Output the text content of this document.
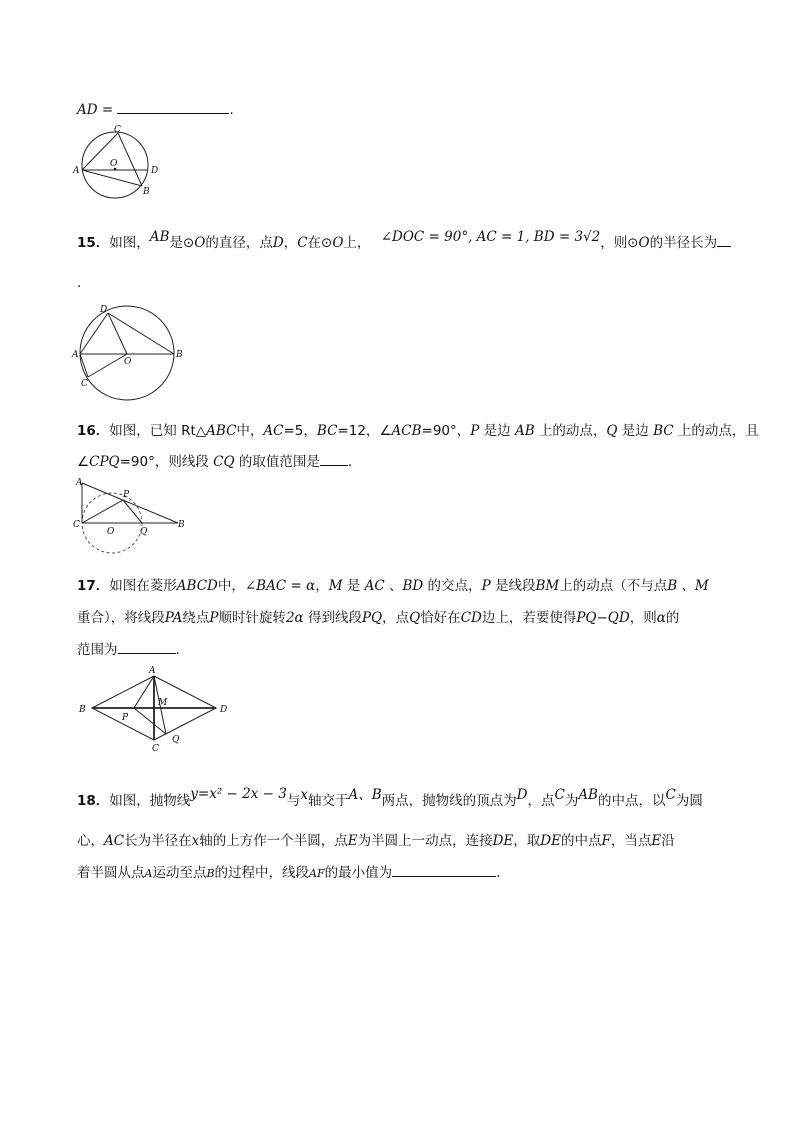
AD =	.
C
A
O
D
B
15．如图，AB是⊙O的直径，点D，C在⊙O上， ∠DOC = 90°, AC = 1, BD = 3√2，则⊙O的半径长为
.
D
A
O
B
C
16．如图，已知 Rt△ABC中，AC=5，BC=12，∠ACB=90°，P 是边 AB 上的动点，Q 是边 BC 上的动点，且
∠CPQ=90°，则线段 CQ 的取值范围是 .
A
P
C
O	Q
B
17．如图在菱形ABCD中，∠BAC = α，M 是 AC 、BD 的交点，P 是线段BM上的动点（不与点B 、M
重合），将线段PA绕点P顺时针旋转2α 得到线段PQ，点Q恰好在CD边上，若要使得PQ−QD，则α的
范围为	.
A
B
M
D
P
C
Q
18．如图，抛物线y=x² − 2x − 3与x轴交于A、B两点，抛物线的顶点为D，点C为AB的中点，以C为圆
心，AC长为半径在x轴的上方作一个半圆，点E为半圆上一动点，连接DE，取DE的中点F，当点E沿
着半圆从点A运动至点B的过程中，线段AF的最小值为	.
